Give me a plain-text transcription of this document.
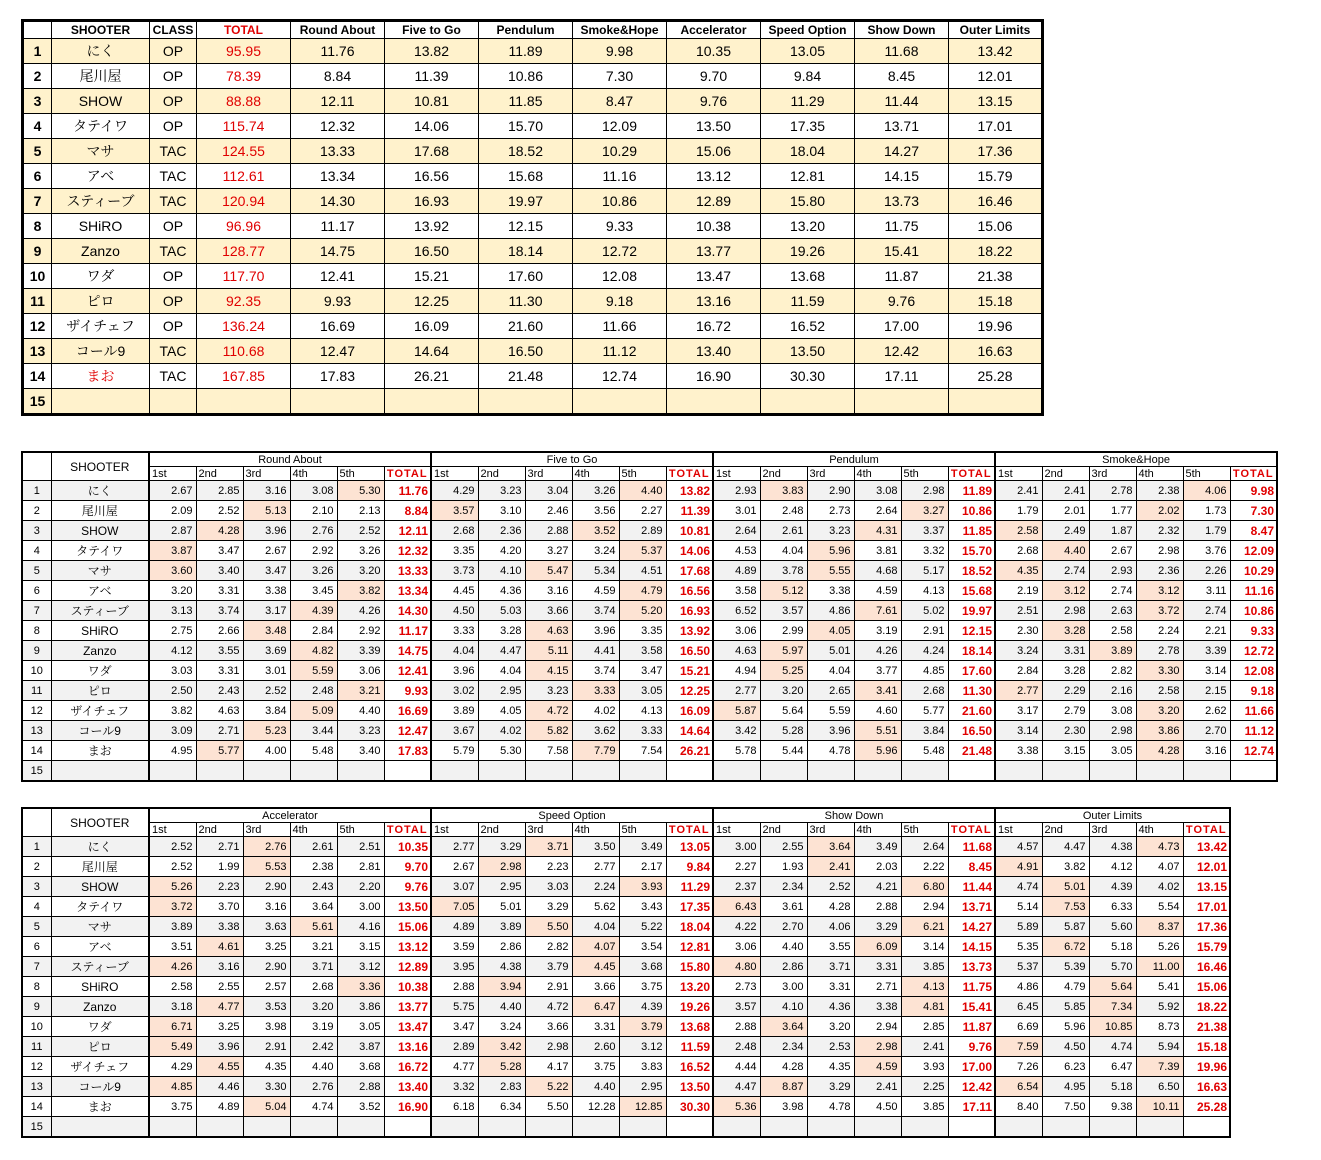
	SHOOTER	CLASS	TOTAL	Round About	Five to Go	Pendulum	Smoke&Hope	Accelerator	Speed Option	Show Down	Outer Limits
1	にく	OP	95.95	11.76	13.82	11.89	9.98	10.35	13.05	11.68	13.42
2	尾川屋	OP	78.39	8.84	11.39	10.86	7.30	9.70	9.84	8.45	12.01
3	SHOW	OP	88.88	12.11	10.81	11.85	8.47	9.76	11.29	11.44	13.15
4	タテイワ	OP	115.74	12.32	14.06	15.70	12.09	13.50	17.35	13.71	17.01
5	マサ	TAC	124.55	13.33	17.68	18.52	10.29	15.06	18.04	14.27	17.36
6	アベ	TAC	112.61	13.34	16.56	15.68	11.16	13.12	12.81	14.15	15.79
7	スティーブ	TAC	120.94	14.30	16.93	19.97	10.86	12.89	15.80	13.73	16.46
8	SHiRO	OP	96.96	11.17	13.92	12.15	9.33	10.38	13.20	11.75	15.06
9	Zanzo	TAC	128.77	14.75	16.50	18.14	12.72	13.77	19.26	15.41	18.22
10	ワダ	OP	117.70	12.41	15.21	17.60	12.08	13.47	13.68	11.87	21.38
11	ピロ	OP	92.35	9.93	12.25	11.30	9.18	13.16	11.59	9.76	15.18
12	ザイチェフ	OP	136.24	16.69	16.09	21.60	11.66	16.72	16.52	17.00	19.96
13	コール9	TAC	110.68	12.47	14.64	16.50	11.12	13.40	13.50	12.42	16.63
14	まお	TAC	167.85	17.83	26.21	21.48	12.74	16.90	30.30	17.11	25.28
15											
	SHOOTER	Round About						Five to Go						Pendulum						Smoke&Hope					
		1st	2nd	3rd	4th	5th	TOTAL	1st	2nd	3rd	4th	5th	TOTAL	1st	2nd	3rd	4th	5th	TOTAL	1st	2nd	3rd	4th	5th	TOTAL
1	にく	2.67	2.85	3.16	3.08	5.30	11.76	4.29	3.23	3.04	3.26	4.40	13.82	2.93	3.83	2.90	3.08	2.98	11.89	2.41	2.41	2.78	2.38	4.06	9.98
2	尾川屋	2.09	2.52	5.13	2.10	2.13	8.84	3.57	3.10	2.46	3.56	2.27	11.39	3.01	2.48	2.73	2.64	3.27	10.86	1.79	2.01	1.77	2.02	1.73	7.30
3	SHOW	2.87	4.28	3.96	2.76	2.52	12.11	2.68	2.36	2.88	3.52	2.89	10.81	2.64	2.61	3.23	4.31	3.37	11.85	2.58	2.49	1.87	2.32	1.79	8.47
4	タテイワ	3.87	3.47	2.67	2.92	3.26	12.32	3.35	4.20	3.27	3.24	5.37	14.06	4.53	4.04	5.96	3.81	3.32	15.70	2.68	4.40	2.67	2.98	3.76	12.09
5	マサ	3.60	3.40	3.47	3.26	3.20	13.33	3.73	4.10	5.47	5.34	4.51	17.68	4.89	3.78	5.55	4.68	5.17	18.52	4.35	2.74	2.93	2.36	2.26	10.29
6	アベ	3.20	3.31	3.38	3.45	3.82	13.34	4.45	4.36	3.16	4.59	4.79	16.56	3.58	5.12	3.38	4.59	4.13	15.68	2.19	3.12	2.74	3.12	3.11	11.16
7	スティーブ	3.13	3.74	3.17	4.39	4.26	14.30	4.50	5.03	3.66	3.74	5.20	16.93	6.52	3.57	4.86	7.61	5.02	19.97	2.51	2.98	2.63	3.72	2.74	10.86
8	SHiRO	2.75	2.66	3.48	2.84	2.92	11.17	3.33	3.28	4.63	3.96	3.35	13.92	3.06	2.99	4.05	3.19	2.91	12.15	2.30	3.28	2.58	2.24	2.21	9.33
9	Zanzo	4.12	3.55	3.69	4.82	3.39	14.75	4.04	4.47	5.11	4.41	3.58	16.50	4.63	5.97	5.01	4.26	4.24	18.14	3.24	3.31	3.89	2.78	3.39	12.72
10	ワダ	3.03	3.31	3.01	5.59	3.06	12.41	3.96	4.04	4.15	3.74	3.47	15.21	4.94	5.25	4.04	3.77	4.85	17.60	2.84	3.28	2.82	3.30	3.14	12.08
11	ピロ	2.50	2.43	2.52	2.48	3.21	9.93	3.02	2.95	3.23	3.33	3.05	12.25	2.77	3.20	2.65	3.41	2.68	11.30	2.77	2.29	2.16	2.58	2.15	9.18
12	ザイチェフ	3.82	4.63	3.84	5.09	4.40	16.69	3.89	4.05	4.72	4.02	4.13	16.09	5.87	5.64	5.59	4.60	5.77	21.60	3.17	2.79	3.08	3.20	2.62	11.66
13	コール9	3.09	2.71	5.23	3.44	3.23	12.47	3.67	4.02	5.82	3.62	3.33	14.64	3.42	5.28	3.96	5.51	3.84	16.50	3.14	2.30	2.98	3.86	2.70	11.12
14	まお	4.95	5.77	4.00	5.48	3.40	17.83	5.79	5.30	7.58	7.79	7.54	26.21	5.78	5.44	4.78	5.96	5.48	21.48	3.38	3.15	3.05	4.28	3.16	12.74
15																									
	SHOOTER	Accelerator						Speed Option						Show Down						Outer Limits				
		1st	2nd	3rd	4th	5th	TOTAL	1st	2nd	3rd	4th	5th	TOTAL	1st	2nd	3rd	4th	5th	TOTAL	1st	2nd	3rd	4th	TOTAL
1	にく	2.52	2.71	2.76	2.61	2.51	10.35	2.77	3.29	3.71	3.50	3.49	13.05	3.00	2.55	3.64	3.49	2.64	11.68	4.57	4.47	4.38	4.73	13.42
2	尾川屋	2.52	1.99	5.53	2.38	2.81	9.70	2.67	2.98	2.23	2.77	2.17	9.84	2.27	1.93	2.41	2.03	2.22	8.45	4.91	3.82	4.12	4.07	12.01
3	SHOW	5.26	2.23	2.90	2.43	2.20	9.76	3.07	2.95	3.03	2.24	3.93	11.29	2.37	2.34	2.52	4.21	6.80	11.44	4.74	5.01	4.39	4.02	13.15
4	タテイワ	3.72	3.70	3.16	3.64	3.00	13.50	7.05	5.01	3.29	5.62	3.43	17.35	6.43	3.61	4.28	2.88	2.94	13.71	5.14	7.53	6.33	5.54	17.01
5	マサ	3.89	3.38	3.63	5.61	4.16	15.06	4.89	3.89	5.50	4.04	5.22	18.04	4.22	2.70	4.06	3.29	6.21	14.27	5.89	5.87	5.60	8.37	17.36
6	アベ	3.51	4.61	3.25	3.21	3.15	13.12	3.59	2.86	2.82	4.07	3.54	12.81	3.06	4.40	3.55	6.09	3.14	14.15	5.35	6.72	5.18	5.26	15.79
7	スティーブ	4.26	3.16	2.90	3.71	3.12	12.89	3.95	4.38	3.79	4.45	3.68	15.80	4.80	2.86	3.71	3.31	3.85	13.73	5.37	5.39	5.70	11.00	16.46
8	SHiRO	2.58	2.55	2.57	2.68	3.36	10.38	2.88	3.94	2.91	3.66	3.75	13.20	2.73	3.00	3.31	2.71	4.13	11.75	4.86	4.79	5.64	5.41	15.06
9	Zanzo	3.18	4.77	3.53	3.20	3.86	13.77	5.75	4.40	4.72	6.47	4.39	19.26	3.57	4.10	4.36	3.38	4.81	15.41	6.45	5.85	7.34	5.92	18.22
10	ワダ	6.71	3.25	3.98	3.19	3.05	13.47	3.47	3.24	3.66	3.31	3.79	13.68	2.88	3.64	3.20	2.94	2.85	11.87	6.69	5.96	10.85	8.73	21.38
11	ピロ	5.49	3.96	2.91	2.42	3.87	13.16	2.89	3.42	2.98	2.60	3.12	11.59	2.48	2.34	2.53	2.98	2.41	9.76	7.59	4.50	4.74	5.94	15.18
12	ザイチェフ	4.29	4.55	4.35	4.40	3.68	16.72	4.77	5.28	4.17	3.75	3.83	16.52	4.44	4.28	4.35	4.59	3.93	17.00	7.26	6.23	6.47	7.39	19.96
13	コール9	4.85	4.46	3.30	2.76	2.88	13.40	3.32	2.83	5.22	4.40	2.95	13.50	4.47	8.87	3.29	2.41	2.25	12.42	6.54	4.95	5.18	6.50	16.63
14	まお	3.75	4.89	5.04	4.74	3.52	16.90	6.18	6.34	5.50	12.28	12.85	30.30	5.36	3.98	4.78	4.50	3.85	17.11	8.40	7.50	9.38	10.11	25.28
15																								
